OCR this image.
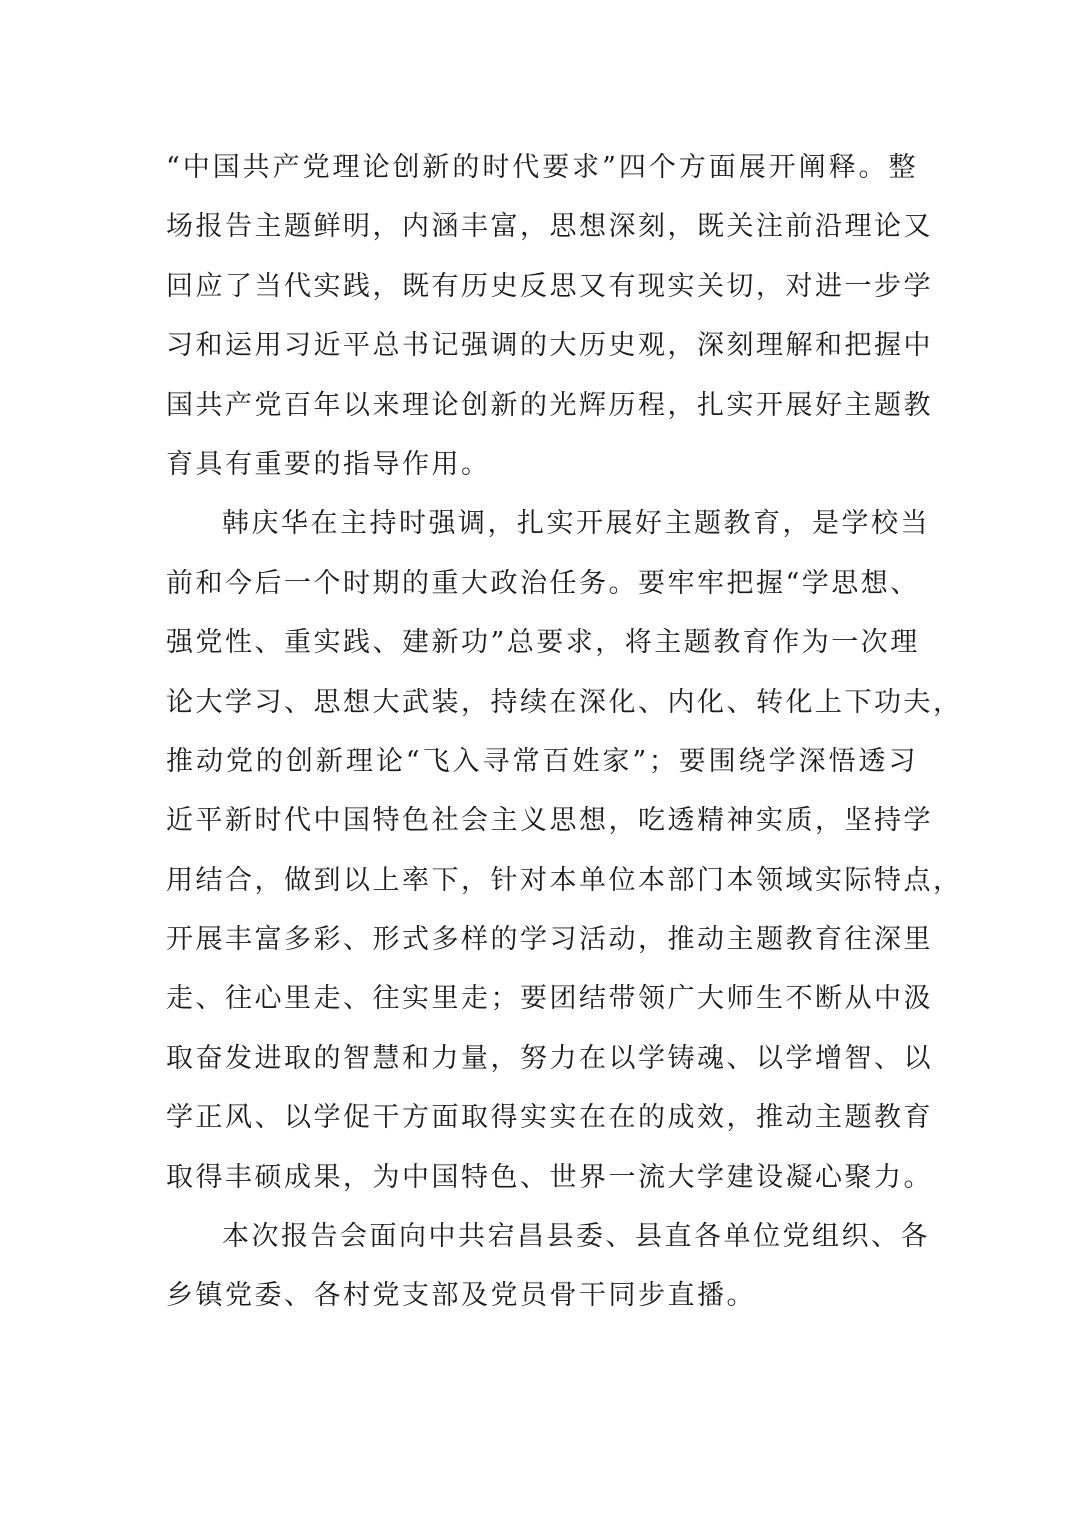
“中国共产党理论创新的时代要求”四个方面展开阐释。整
场报告主题鲜明，内涵丰富，思想深刻，既关注前沿理论又
回应了当代实践，既有历史反思又有现实关切，对进一步学
习和运用习近平总书记强调的大历史观，深刻理解和把握中
国共产党百年以来理论创新的光辉历程，扎实开展好主题教
育具有重要的指导作用。
韩庆华在主持时强调，扎实开展好主题教育，是学校当
前和今后一个时期的重大政治任务。要牢牢把握“学思想、
强党性、重实践、建新功”总要求，将主题教育作为一次理
论大学习、思想大武装，持续在深化、内化、转化上下功夫，
推动党的创新理论“飞入寻常百姓家”；要围绕学深悟透习
近平新时代中国特色社会主义思想，吃透精神实质，坚持学
用结合，做到以上率下，针对本单位本部门本领域实际特点，
开展丰富多彩、形式多样的学习活动，推动主题教育往深里
走、往心里走、往实里走；要团结带领广大师生不断从中汲
取奋发进取的智慧和力量，努力在以学铸魂、以学增智、以
学正风、以学促干方面取得实实在在的成效，推动主题教育
取得丰硕成果，为中国特色、世界一流大学建设凝心聚力。
本次报告会面向中共宕昌县委、县直各单位党组织、各
乡镇党委、各村党支部及党员骨干同步直播。
